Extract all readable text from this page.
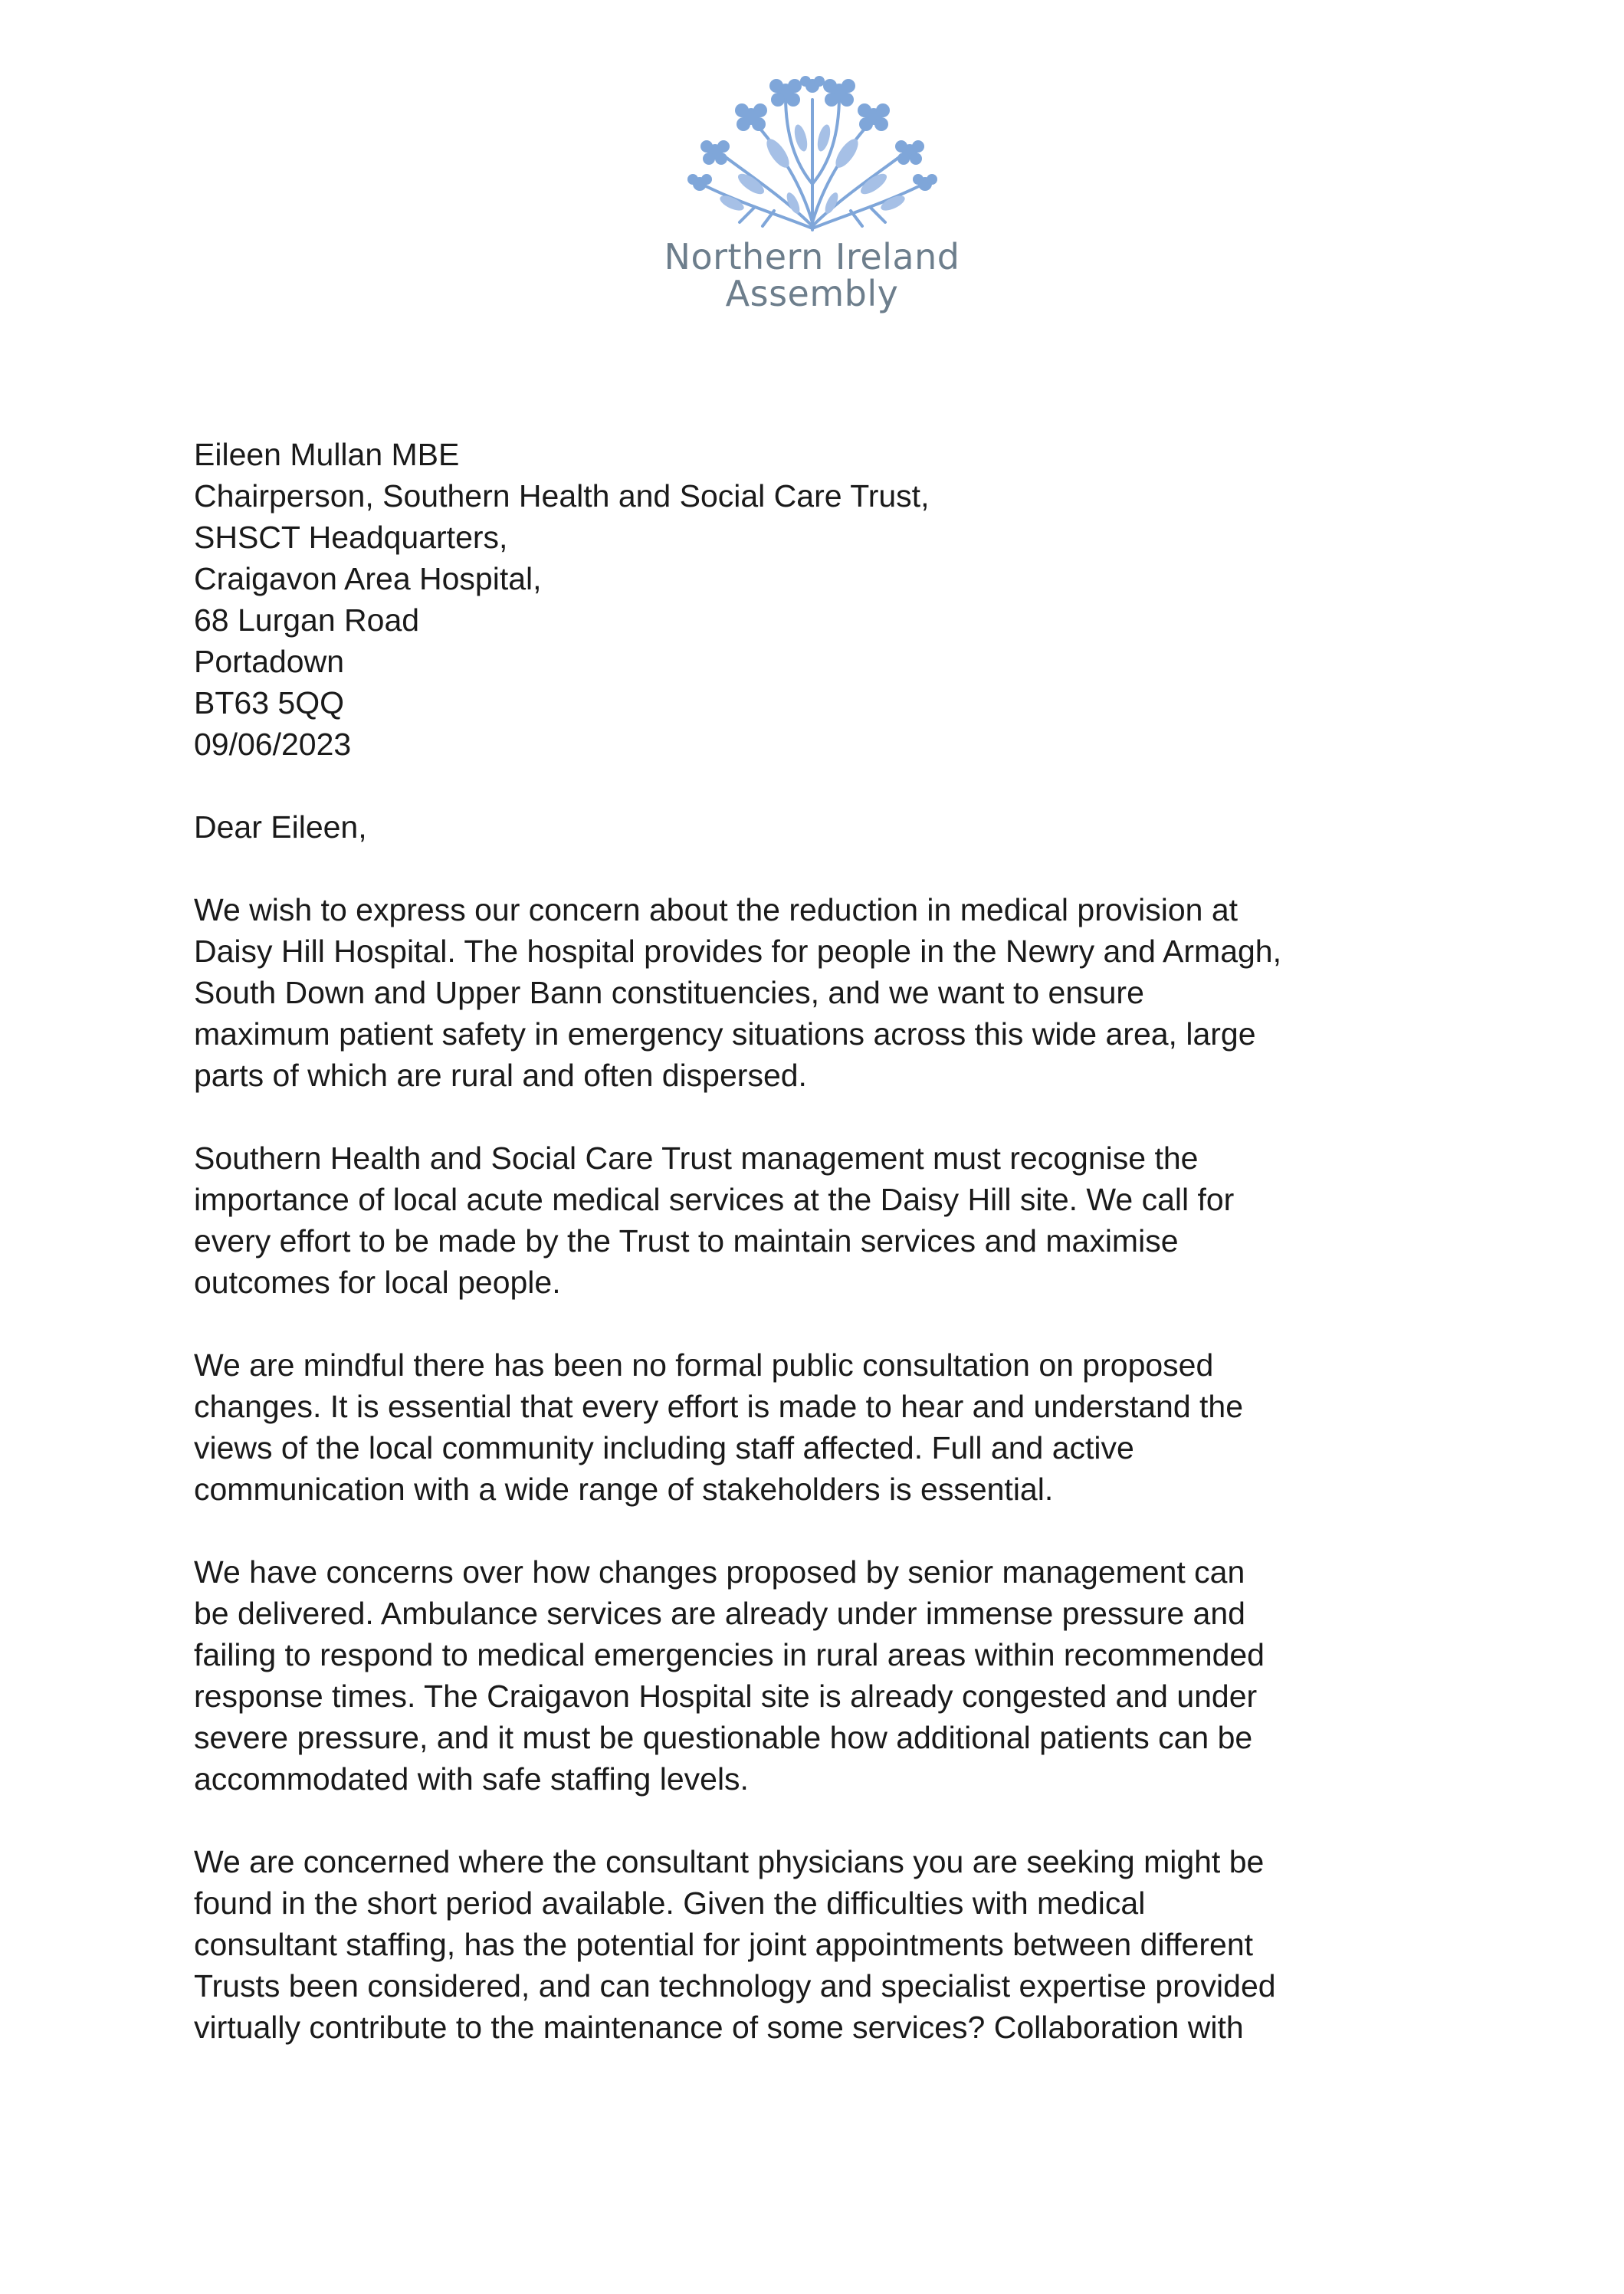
Northern Ireland
Assembly
Eileen Mullan MBE
Chairperson, Southern Health and Social Care Trust,
SHSCT Headquarters,
Craigavon Area Hospital,
68 Lurgan Road
Portadown
BT63 5QQ
09/06/2023
Dear Eileen,
We wish to express our concern about the reduction in medical provision at
Daisy Hill Hospital. The hospital provides for people in the Newry and Armagh,
South Down and Upper Bann constituencies, and we want to ensure
maximum patient safety in emergency situations across this wide area, large
parts of which are rural and often dispersed.
Southern Health and Social Care Trust management must recognise the
importance of local acute medical services at the Daisy Hill site. We call for
every effort to be made by the Trust to maintain services and maximise
outcomes for local people.
We are mindful there has been no formal public consultation on proposed
changes. It is essential that every effort is made to hear and understand the
views of the local community including staff affected. Full and active
communication with a wide range of stakeholders is essential.
We have concerns over how changes proposed by senior management can
be delivered. Ambulance services are already under immense pressure and
failing to respond to medical emergencies in rural areas within recommended
response times. The Craigavon Hospital site is already congested and under
severe pressure, and it must be questionable how additional patients can be
accommodated with safe staffing levels.
We are concerned where the consultant physicians you are seeking might be
found in the short period available. Given the difficulties with medical
consultant staffing, has the potential for joint appointments between different
Trusts been considered, and can technology and specialist expertise provided
virtually contribute to the maintenance of some services? Collaboration with
